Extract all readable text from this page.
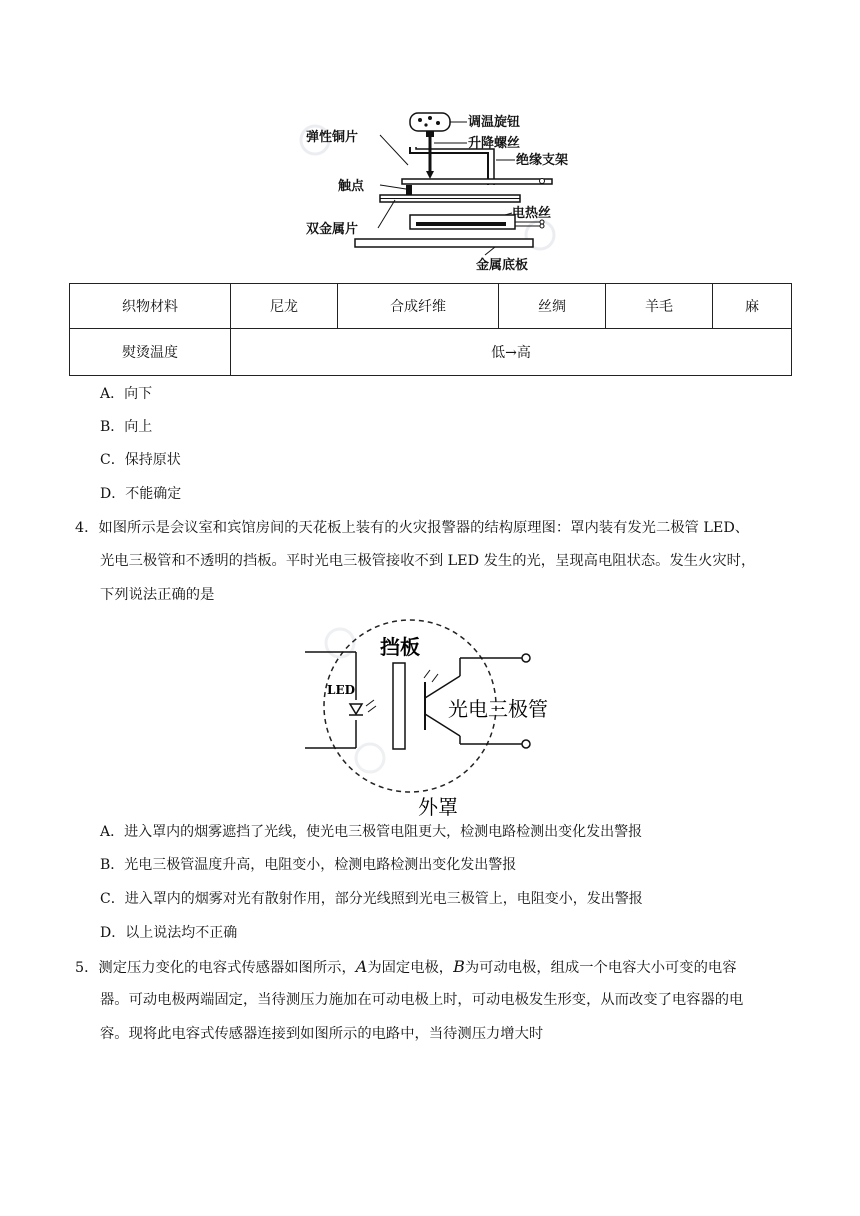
调温旋钮
升降螺丝
弹性铜片
绝缘支架
触点
双金属片
电热丝
金属底板
织物材料	尼龙	合成纤维	丝绸	羊毛	麻
熨烫温度	低→高				
A．向下
B．向上
C．保持原状
D．不能确定
4．如图所示是会议室和宾馆房间的天花板上装有的火灾报警器的结构原理图：罩内装有发光二极管 LED、
光电三极管和不透明的挡板。平时光电三极管接收不到 LED 发生的光，呈现高电阻状态。发生火灾时，
下列说法正确的是
挡板
LED
光电三极管
外罩
A．进入罩内的烟雾遮挡了光线，使光电三极管电阻更大，检测电路检测出变化发出警报
B．光电三极管温度升高，电阻变小，检测电路检测出变化发出警报
C．进入罩内的烟雾对光有散射作用，部分光线照到光电三极管上，电阻变小，发出警报
D．以上说法均不正确
5．测定压力变化的电容式传感器如图所示，A为固定电极，B为可动电极，组成一个电容大小可变的电容
器。可动电极两端固定，当待测压力施加在可动电极上时，可动电极发生形变，从而改变了电容器的电
容。现将此电容式传感器连接到如图所示的电路中，当待测压力增大时
